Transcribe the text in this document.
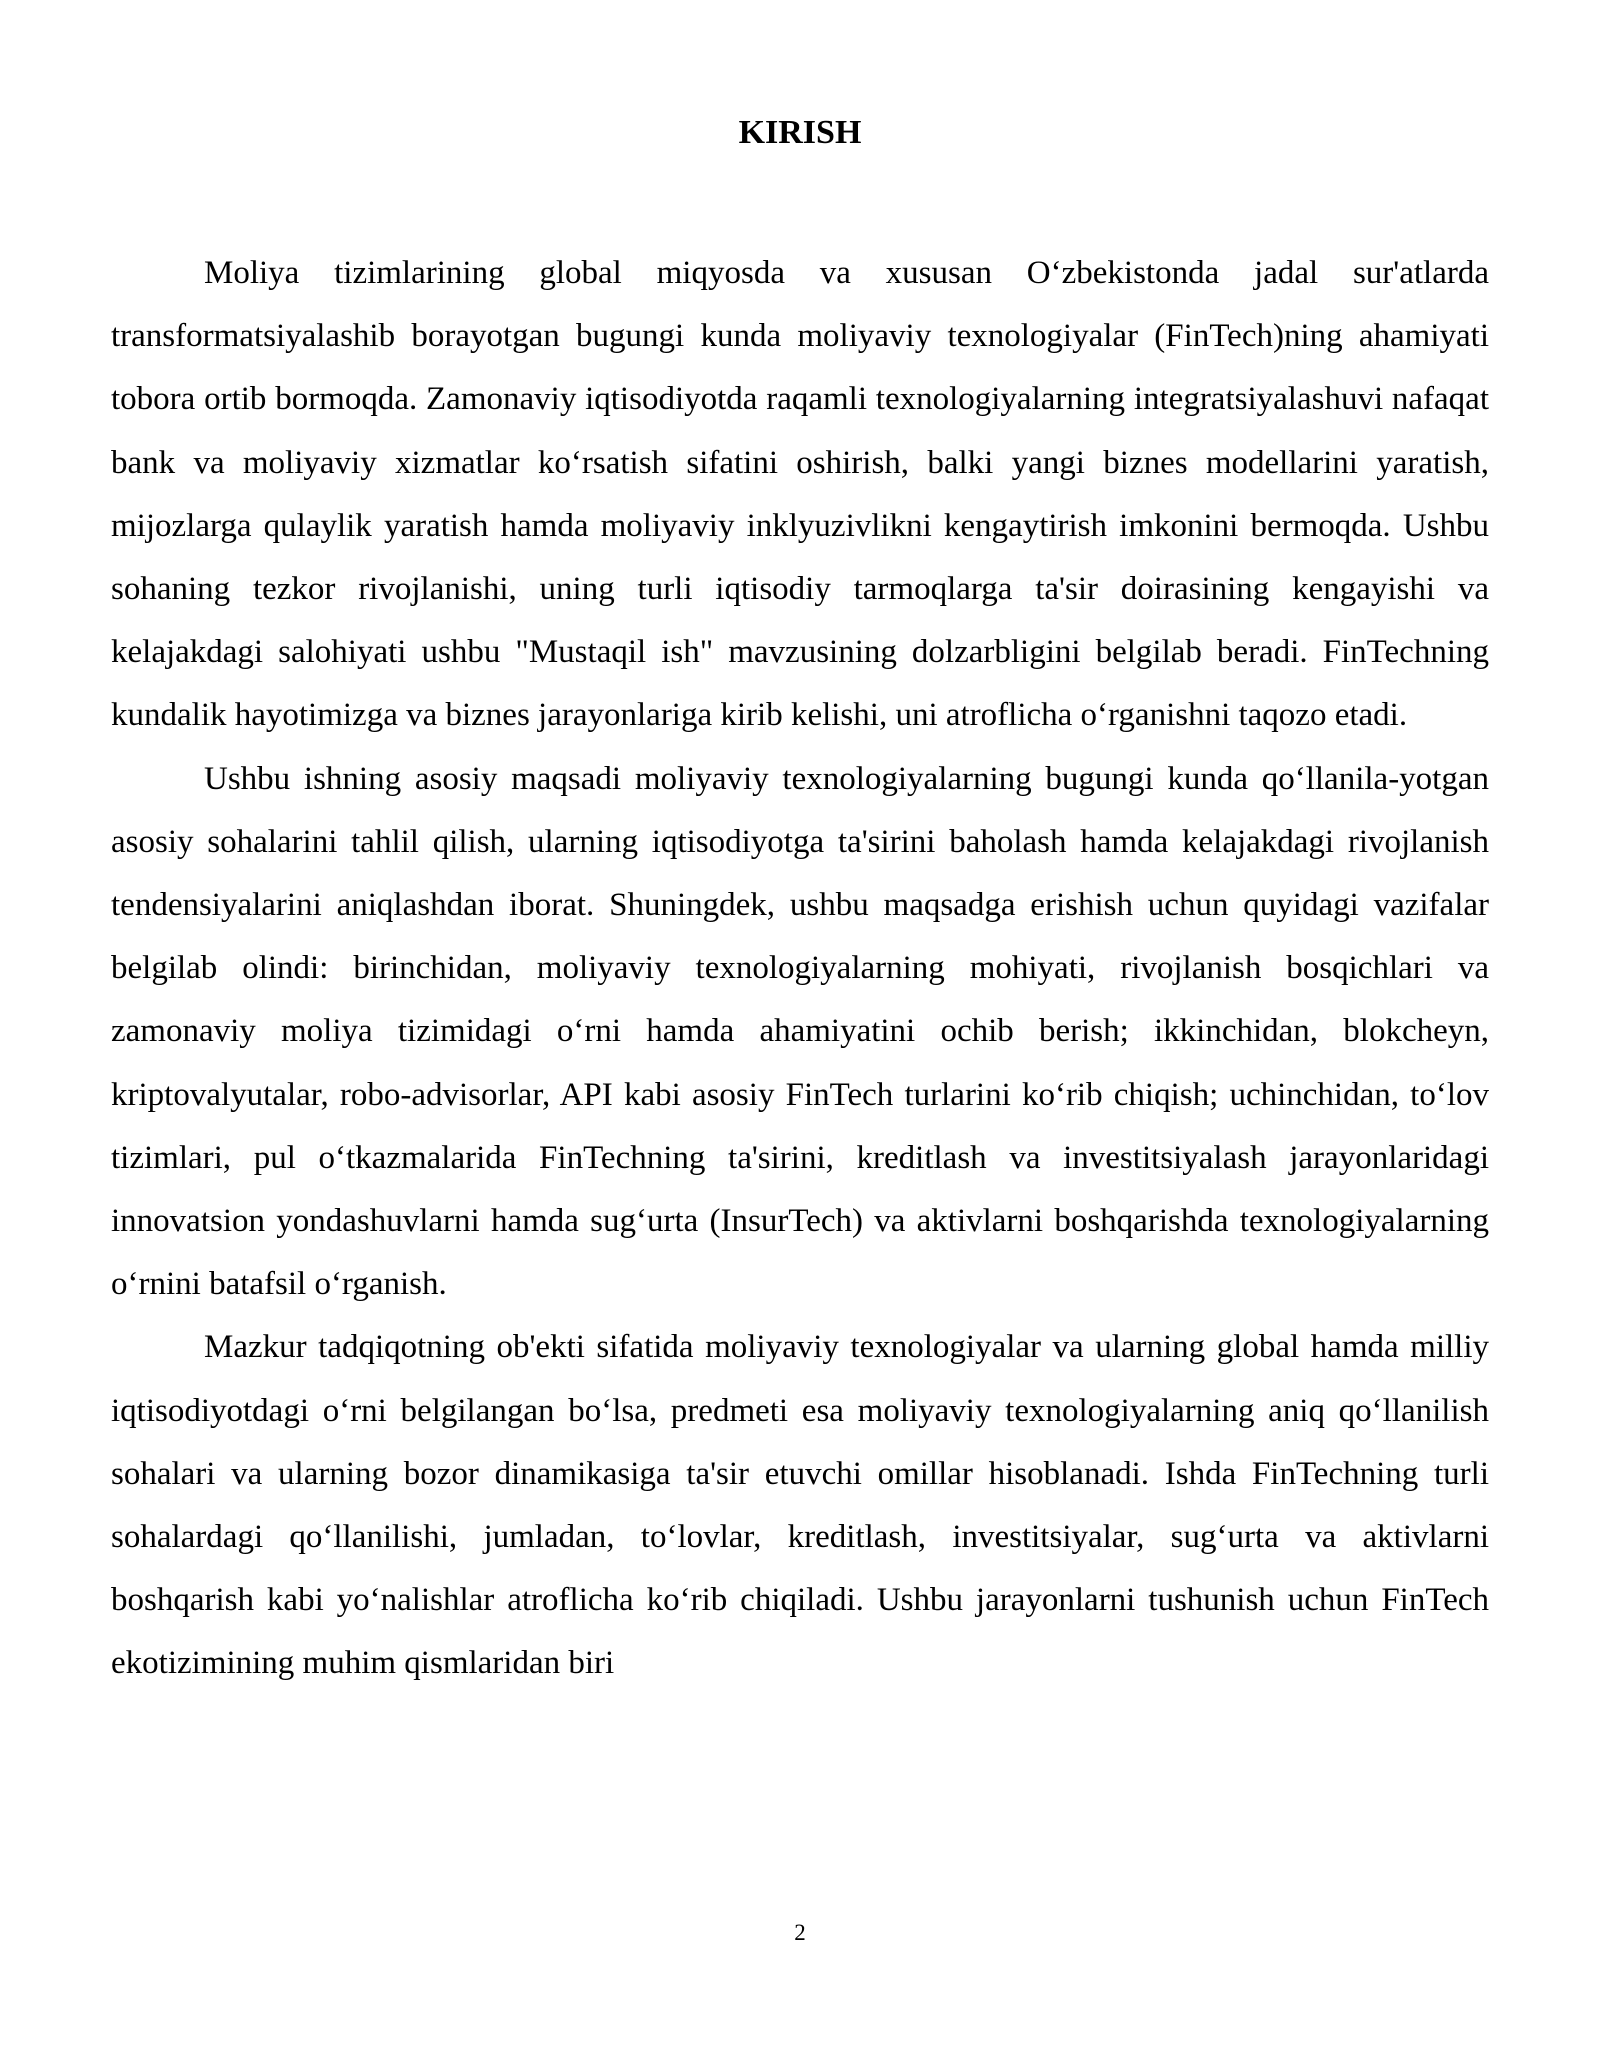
KIRISH

Moliya tizimlarining global miqyosda va xususan O‘zbekistonda jadal sur'atlarda transformatsiyalashib borayotgan bugungi kunda moliyaviy texnologiyalar (FinTech)ning ahamiyati tobora ortib bormoqda. Zamonaviy iqtisodiyotda raqamli texnologiyalarning integratsiyalashuvi nafaqat bank va moliyaviy xizmatlar ko‘rsatish sifatini oshirish, balki yangi biznes modellarini yaratish, mijozlarga qulaylik yaratish hamda moliyaviy inklyuzivlikni kengaytirish imkonini bermoqda. Ushbu sohaning tezkor rivojlanishi, uning turli iqtisodiy tarmoqlarga ta'sir doirasining kengayishi va kelajakdagi salohiyati ushbu "Mustaqil ish" mavzusining dolzarbligini belgilab beradi. FinTechning kundalik hayotimizga va biznes jarayonlariga kirib kelishi, uni atroflicha o‘rganishni taqozo etadi.

Ushbu ishning asosiy maqsadi moliyaviy texnologiyalarning bugungi kunda qo‘llanila-yotgan asosiy sohalarini tahlil qilish, ularning iqtisodiyotga ta'sirini baholash hamda kelajakdagi rivojlanish tendensiyalarini aniqlashdan iborat. Shuningdek, ushbu maqsadga erishish uchun quyidagi vazifalar belgilab olindi: birinchidan, moliyaviy texnologiyalarning mohiyati, rivojlanish bosqichlari va zamonaviy moliya tizimidagi o‘rni hamda ahamiyatini ochib berish; ikkinchidan, blokcheyn, kriptovalyutalar, robo-advisorlar, API kabi asosiy FinTech turlarini ko‘rib chiqish; uchinchidan, to‘lov tizimlari, pul o‘tkazmalarida FinTechning ta'sirini, kreditlash va investitsiyalash jarayonlaridagi innovatsion yondashuvlarni hamda sug‘urta (InsurTech) va aktivlarni boshqarishda texnologiyalarning o‘rnini batafsil o‘rganish.

Mazkur tadqiqotning ob'ekti sifatida moliyaviy texnologiyalar va ularning global hamda milliy iqtisodiyotdagi o‘rni belgilangan bo‘lsa, predmeti esa moliyaviy texnologiyalarning aniq qo‘llanilish sohalari va ularning bozor dinamikasiga ta'sir etuvchi omillar hisoblanadi. Ishda FinTechning turli sohalardagi qo‘llanilishi, jumladan, to‘lovlar, kreditlash, investitsiyalar, sug‘urta va aktivlarni boshqarish kabi yo‘nalishlar atroflicha ko‘rib chiqiladi. Ushbu jarayonlarni tushunish uchun FinTech ekotizimining muhim qismlaridan biri

2
